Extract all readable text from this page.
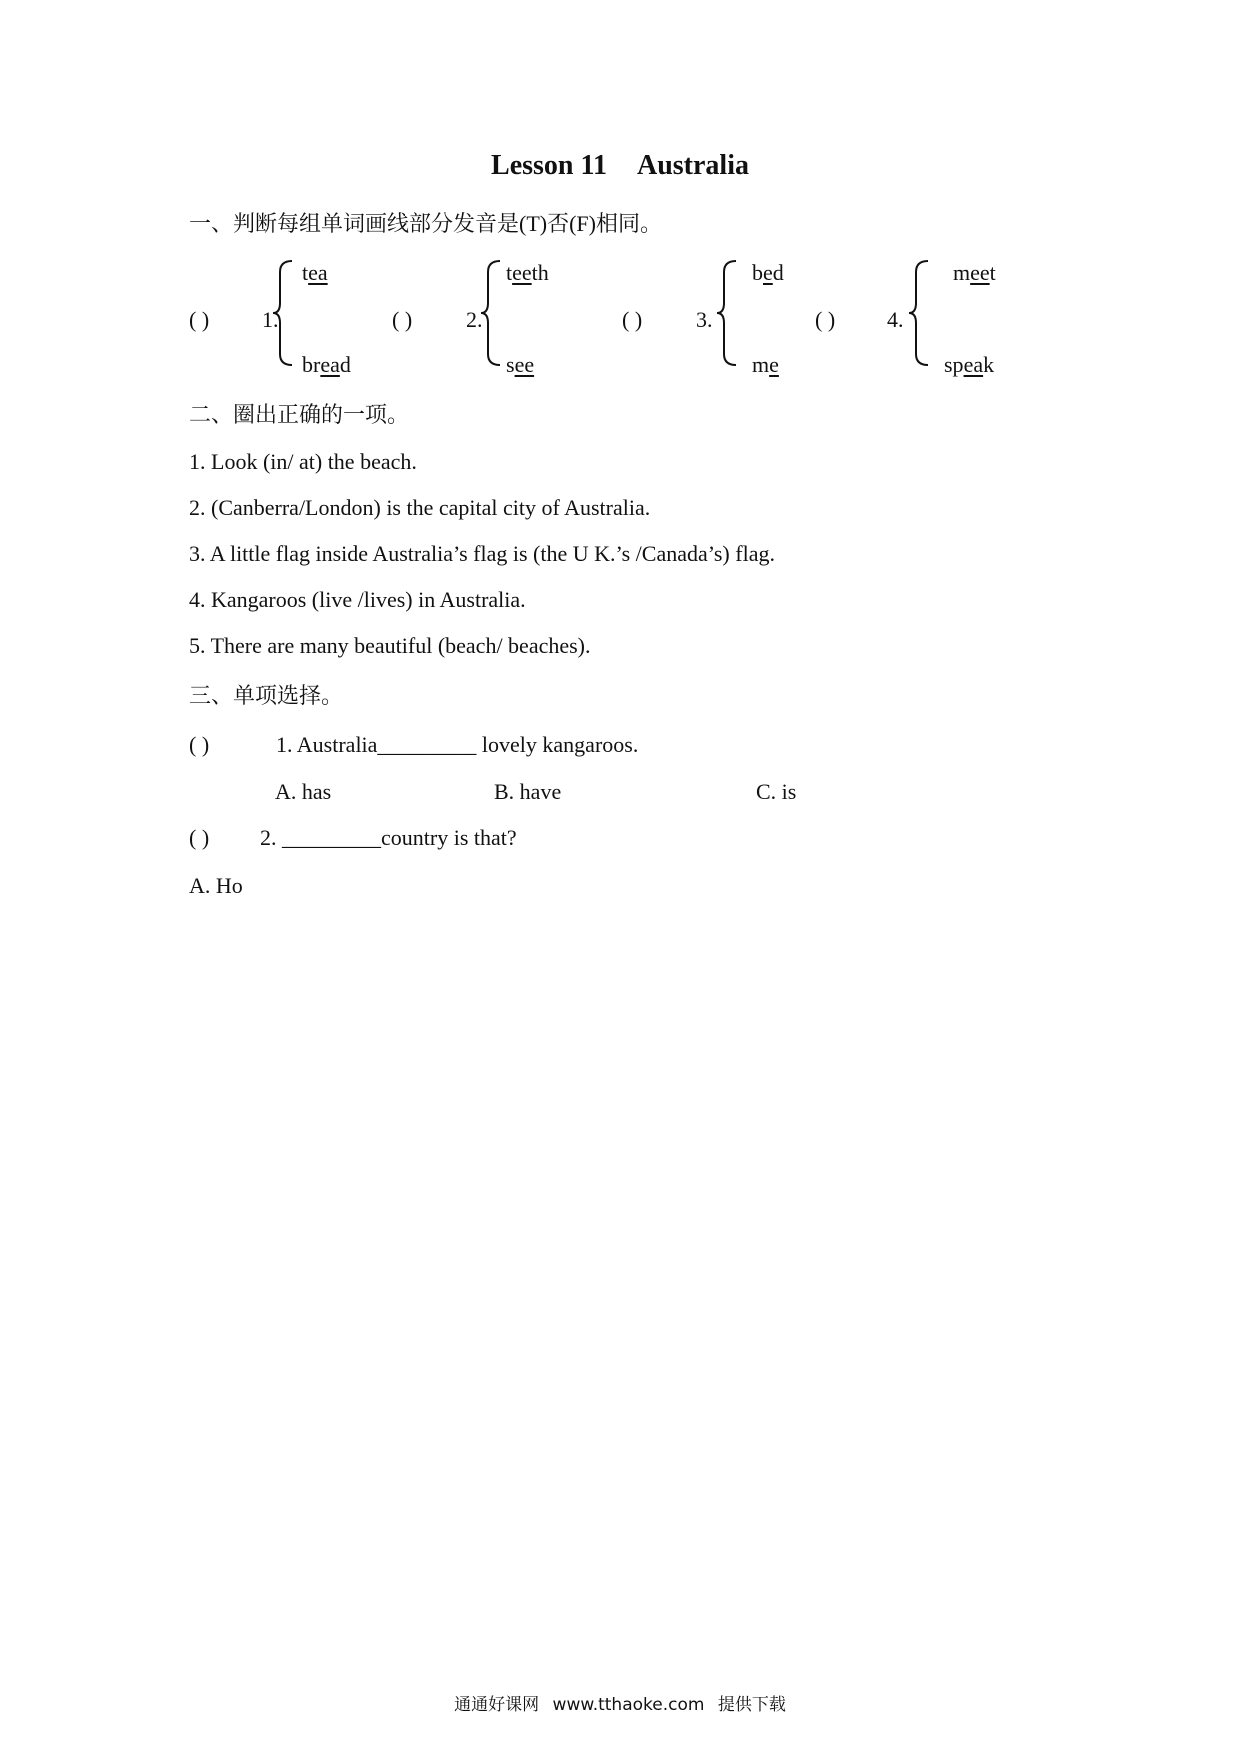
Lesson 11 Australia
一、判断每组单词画线部分发音是(T)否(F)相同。
( ) 1.
tea
bread
( ) 2.
teeth
see
( ) 3.
bed
me
( ) 4.
meet
speak
二、圈出正确的一项。
1. Look (in/ at) the beach.
2. (Canberra/London) is the capital city of Australia.
3. A little flag inside Australia’s flag is (the U K.’s /Canada’s) flag.
4. Kangaroos (live /lives) in Australia.
5. There are many beautiful (beach/ beaches).
三、单项选择。
( )	1. Australia_________ lovely kangaroos.
A. has	B. have	C. is
( ) 2. _________country is that?
A. Ho
通通好课网 www.tthaoke.com 提供下载
